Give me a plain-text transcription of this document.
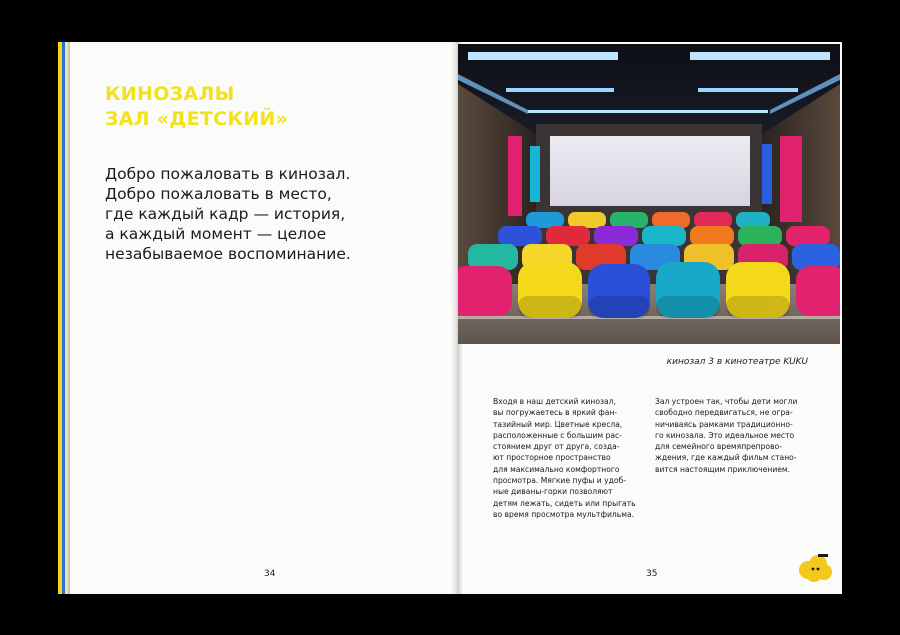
КИНОЗАЛЫ
ЗАЛ «ДЕТСКИЙ»

Добро пожаловать в кинозал.
Добро пожаловать в место,
где каждый кадр — история,
а каждый момент — целое
незабываемое воспоминание.

34
кинозал 3 в кинотеатре KUKU
Входя в наш детский кинозал,
вы погружаетесь в яркий фан-
тазийный мир. Цветные кресла,
расположенные с большим рас-
стоянием друг от друга, созда-
ют просторное пространство
для максимально комфортного
просмотра. Мягкие пуфы и удоб-
ные диваны-горки позволяют
детям лежать, сидеть или прыгать
во время просмотра мультфильма.
Зал устроен так, чтобы дети могли
свободно передвигаться, не огра-
ничиваясь рамками традиционно-
го кинозала. Это идеальное место
для семейного времяпрепрово-
ждения, где каждый фильм стано-
вится настоящим приключением.
35
